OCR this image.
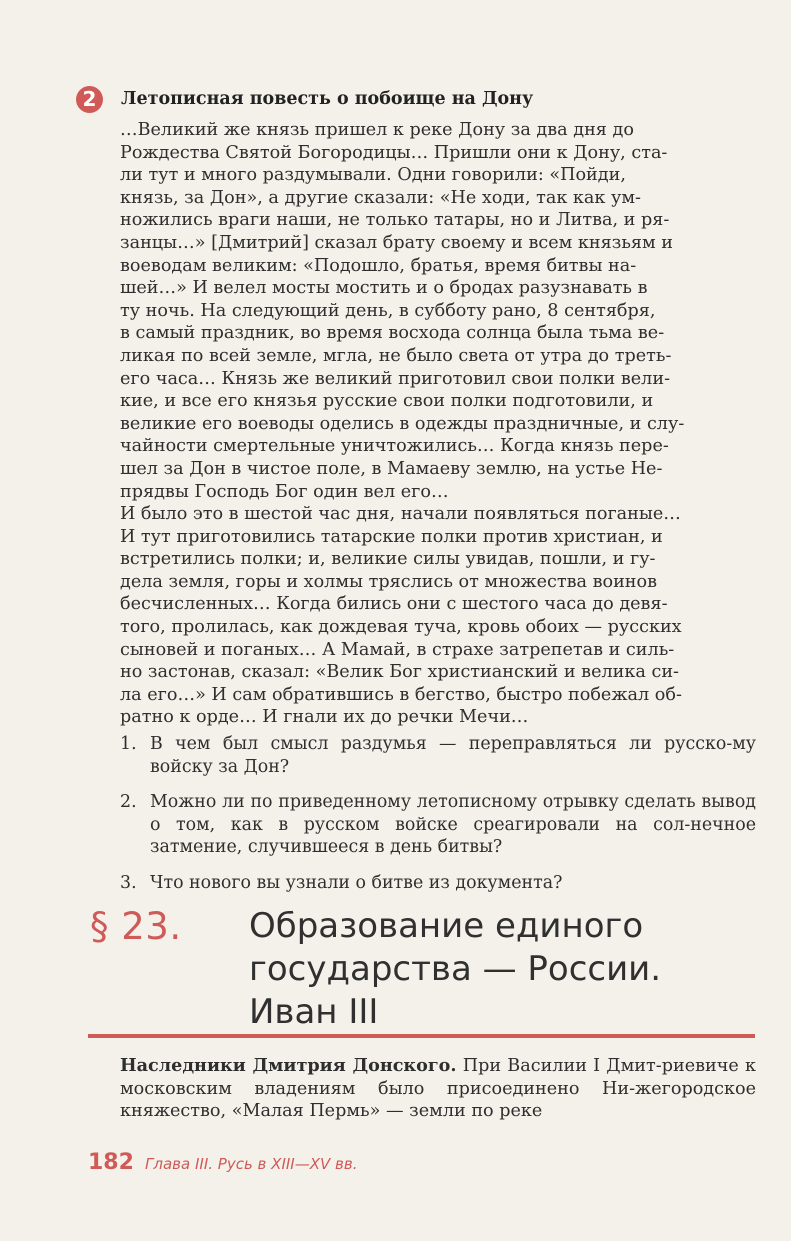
2	Летописная повесть о побоище на Дону

…Великий же князь пришел к реке Дону за два дня до

Рождества Святой Богородицы… Пришли они к Дону, ста-

ли тут и много раздумывали. Одни говорили: «Пойди,

князь, за Дон», а другие сказали: «Не ходи, так как ум-

ножились враги наши, не только татары, но и Литва, и ря-

занцы…» [Дмитрий] сказал брату своему и всем князьям и

воеводам великим: «Подошло, братья, время битвы на-

шей…» И велел мосты мостить и о бродах разузнавать в

ту ночь. На следующий день, в субботу рано, 8 сентября,

в самый праздник, во время восхода солнца была тьма ве-

ликая по всей земле, мгла, не было света от утра до треть-

его часа… Князь же великий приготовил свои полки вели-

кие, и все его князья русские свои полки подготовили, и

великие его воеводы оделись в одежды праздничные, и слу-

чайности смертельные уничтожились… Когда князь пере-

шел за Дон в чистое поле, в Мамаеву землю, на устье Не-

прядвы Господь Бог один вел его…

И было это в шестой час дня, начали появляться поганые…

И тут приготовились татарские полки против христиан, и

встретились полки; и, великие силы увидав, пошли, и гу-

дела земля, горы и холмы тряслись от множества воинов

бесчисленных… Когда бились они с шестого часа до девя-

того, пролилась, как дождевая туча, кровь обоих — русских

сыновей и поганых… А Мамай, в страхе затрепетав и силь-

но застонав, сказал: «Велик Бог христианский и велика си-

ла его…» И сам обратившись в бегство, быстро побежал об-

ратно к орде… И гнали их до речки Мечи…

1. В чем был смысл раздумья — переправляться ли русско-му войску за Дон?
2. Можно ли по приведенному летописному отрывку сделать вывод о том, как в русском войске среагировали на сол-нечное затмение, случившееся в день битвы?
3. Что нового вы узнали о битве из документа?
§ 23. Образование единого
государства — России.
Иван III
Наследники Дмитрия Донского. При Василии I Дмит-риевиче к московским владениям было присоединено Ни-жегородское княжество, «Малая Пермь» — земли по реке
182 Глава III. Русь в XIII—XV вв.
